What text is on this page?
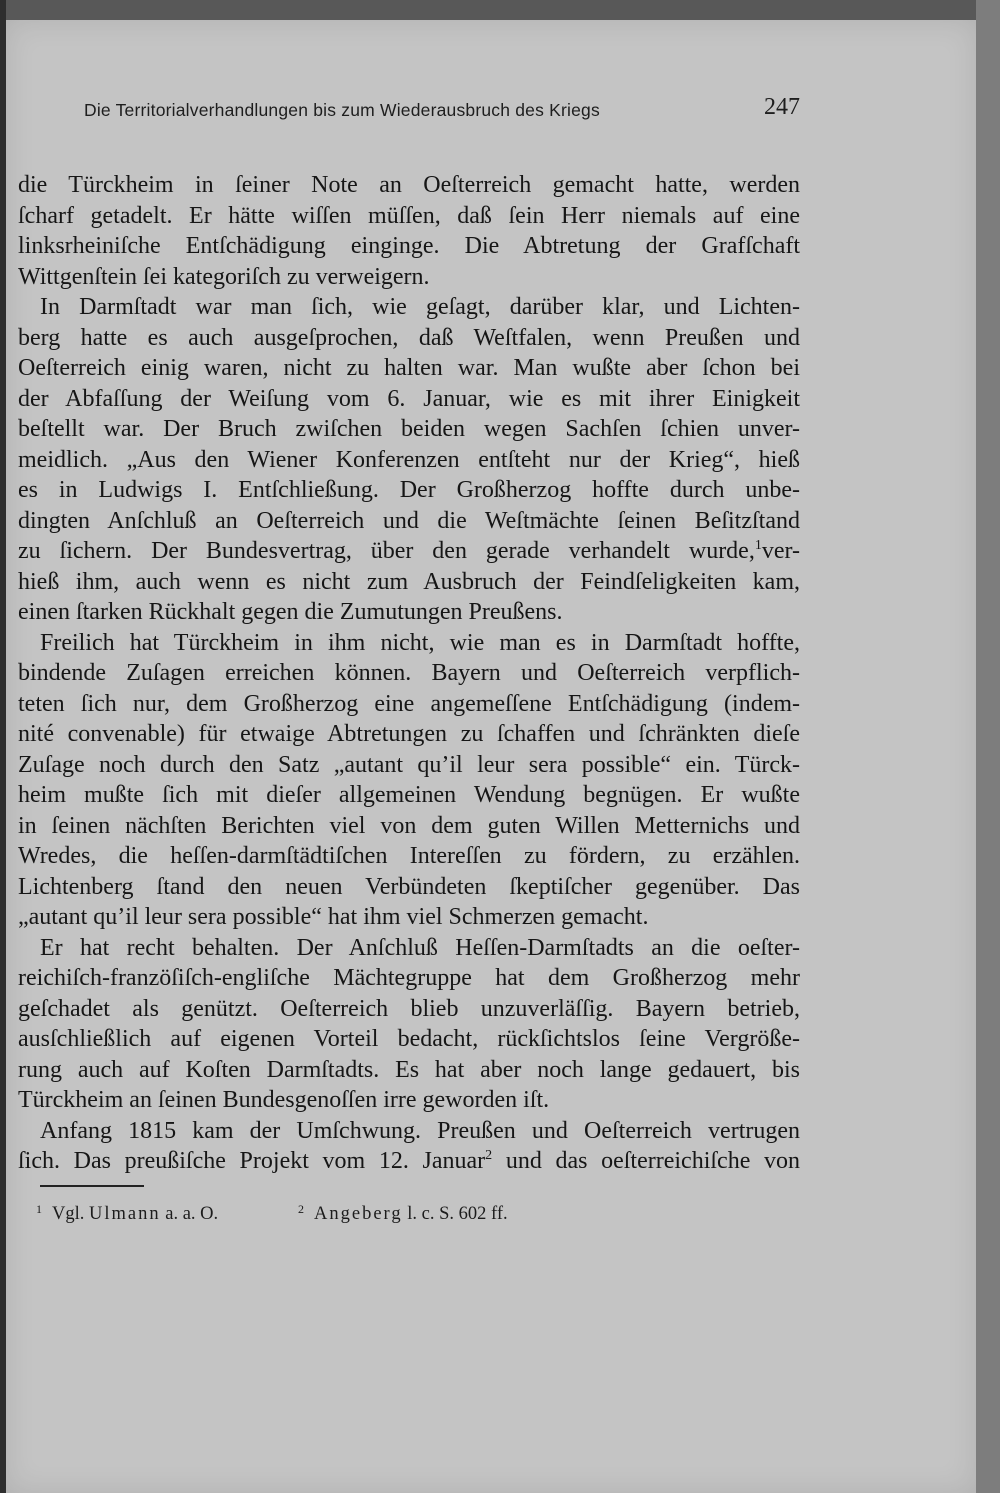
Die Territorialverhandlungen bis zum Wiederausbruch des Kriegs	247
die Türckheim in ſeiner Note an Oeſterreich gemacht hatte, werden
ſcharf getadelt. Er hätte wiſſen müſſen, daß ſein Herr niemals auf eine
linksrheiniſche Entſchädigung einginge. Die Abtretung der Grafſchaft
Wittgenſtein ſei kategoriſch zu verweigern.
In Darmſtadt war man ſich, wie geſagt, darüber klar, und Lichten-
berg hatte es auch ausgeſprochen, daß Weſtfalen, wenn Preußen und
Oeſterreich einig waren, nicht zu halten war. Man wußte aber ſchon bei
der Abfaſſung der Weiſung vom 6. Januar, wie es mit ihrer Einigkeit
beſtellt war. Der Bruch zwiſchen beiden wegen Sachſen ſchien unver-
meidlich. „Aus den Wiener Konferenzen entſteht nur der Krieg“, hieß
es in Ludwigs I. Entſchließung. Der Großherzog hoffte durch unbe-
dingten Anſchluß an Oeſterreich und die Weſtmächte ſeinen Beſitzſtand
zu ſichern. Der Bundesvertrag, über den gerade verhandelt wurde,$^1$ver-
hieß ihm, auch wenn es nicht zum Ausbruch der Feindſeligkeiten kam,
einen ſtarken Rückhalt gegen die Zumutungen Preußens.
Freilich hat Türckheim in ihm nicht, wie man es in Darmſtadt hoffte,
bindende Zuſagen erreichen können. Bayern und Oeſterreich verpflich-
teten ſich nur, dem Großherzog eine angemeſſene Entſchädigung (indem-
nité convenable) für etwaige Abtretungen zu ſchaffen und ſchränkten dieſe
Zuſage noch durch den Satz „autant qu’il leur sera possible“ ein. Türck-
heim mußte ſich mit dieſer allgemeinen Wendung begnügen. Er wußte
in ſeinen nächſten Berichten viel von dem guten Willen Metternichs und
Wredes, die heſſen-darmſtädtiſchen Intereſſen zu fördern, zu erzählen.
Lichtenberg ſtand den neuen Verbündeten ſkeptiſcher gegenüber. Das
„autant qu’il leur sera possible“ hat ihm viel Schmerzen gemacht.
Er hat recht behalten. Der Anſchluß Heſſen-Darmſtadts an die oeſter-
reichiſch-franzöſiſch-engliſche Mächtegruppe hat dem Großherzog mehr
geſchadet als genützt. Oeſterreich blieb unzuverläſſig. Bayern betrieb,
ausſchließlich auf eigenen Vorteil bedacht, rückſichtslos ſeine Vergröße-
rung auch auf Koſten Darmſtadts. Es hat aber noch lange gedauert, bis
Türckheim an ſeinen Bundesgenoſſen irre geworden iſt.
Anfang 1815 kam der Umſchwung. Preußen und Oeſterreich vertrugen
ſich. Das preußiſche Projekt vom 12. Januar$^2$ und das oeſterreichiſche von
$^1$ Vgl. Ulmann a. a. O.	$^2$ Angeberg l. c. S. 602 ff.
